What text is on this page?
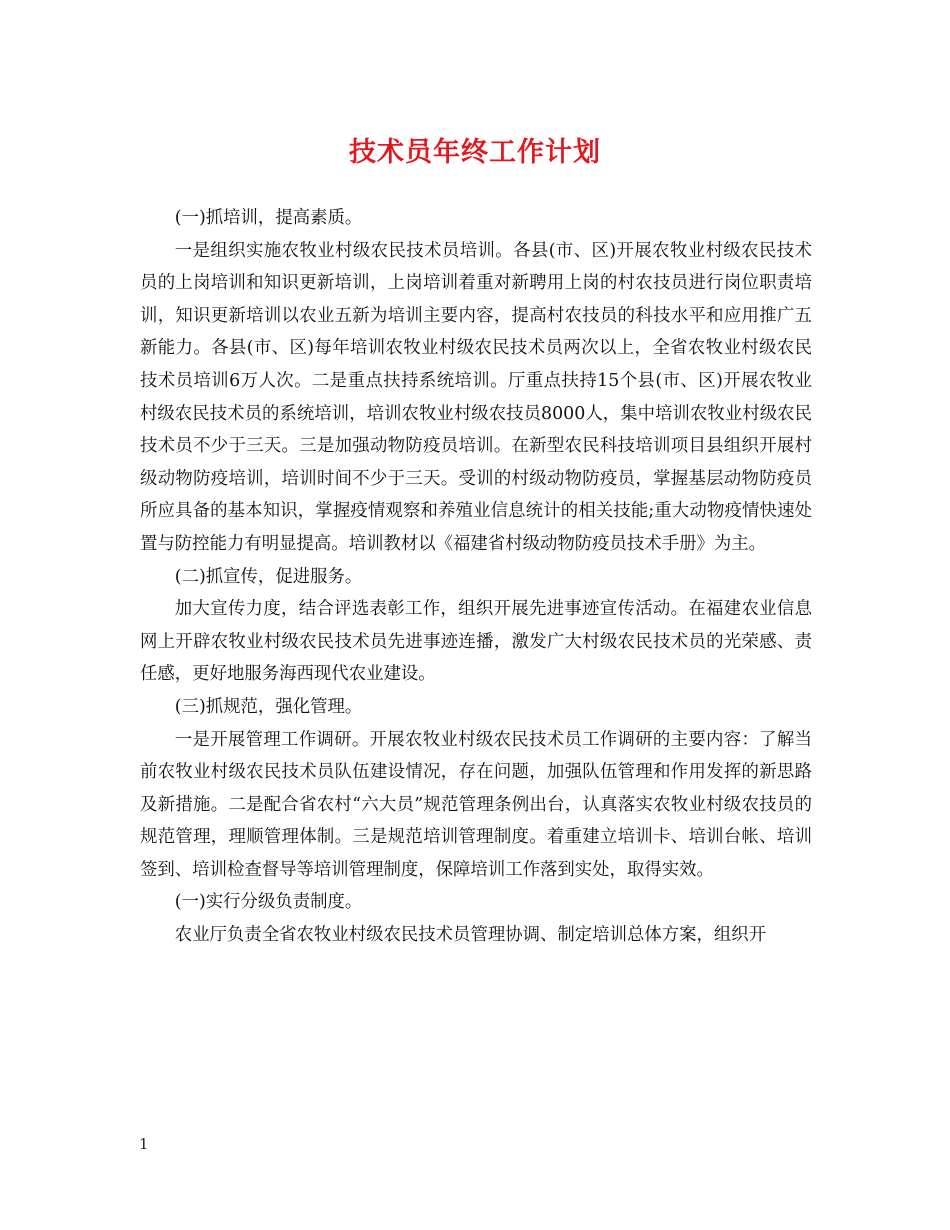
技术员年终工作计划

(一)抓培训，提高素质。

一是组织实施农牧业村级农民技术员培训。各县(市、区)开展农牧业村级农民技术员的上岗培训和知识更新培训，上岗培训着重对新聘用上岗的村农技员进行岗位职责培训，知识更新培训以农业五新为培训主要内容，提高村农技员的科技水平和应用推广五新能力。各县(市、区)每年培训农牧业村级农民技术员两次以上，全省农牧业村级农民技术员培训6万人次。二是重点扶持系统培训。厅重点扶持15个县(市、区)开展农牧业村级农民技术员的系统培训，培训农牧业村级农技员8000人，集中培训农牧业村级农民技术员不少于三天。三是加强动物防疫员培训。在新型农民科技培训项目县组织开展村级动物防疫培训，培训时间不少于三天。受训的村级动物防疫员，掌握基层动物防疫员所应具备的基本知识，掌握疫情观察和养殖业信息统计的相关技能;重大动物疫情快速处置与防控能力有明显提高。培训教材以《福建省村级动物防疫员技术手册》为主。

(二)抓宣传，促进服务。

加大宣传力度，结合评选表彰工作，组织开展先进事迹宣传活动。在福建农业信息网上开辟农牧业村级农民技术员先进事迹连播，激发广大村级农民技术员的光荣感、责任感，更好地服务海西现代农业建设。

(三)抓规范，强化管理。

一是开展管理工作调研。开展农牧业村级农民技术员工作调研的主要内容：了解当前农牧业村级农民技术员队伍建设情况，存在问题，加强队伍管理和作用发挥的新思路及新措施。二是配合省农村“六大员”规范管理条例出台，认真落实农牧业村级农技员的规范管理，理顺管理体制。三是规范培训管理制度。着重建立培训卡、培训台帐、培训签到、培训检查督导等培训管理制度，保障培训工作落到实处，取得实效。

(一)实行分级负责制度。

农业厅负责全省农牧业村级农民技术员管理协调、制定培训总体方案，组织开

1
